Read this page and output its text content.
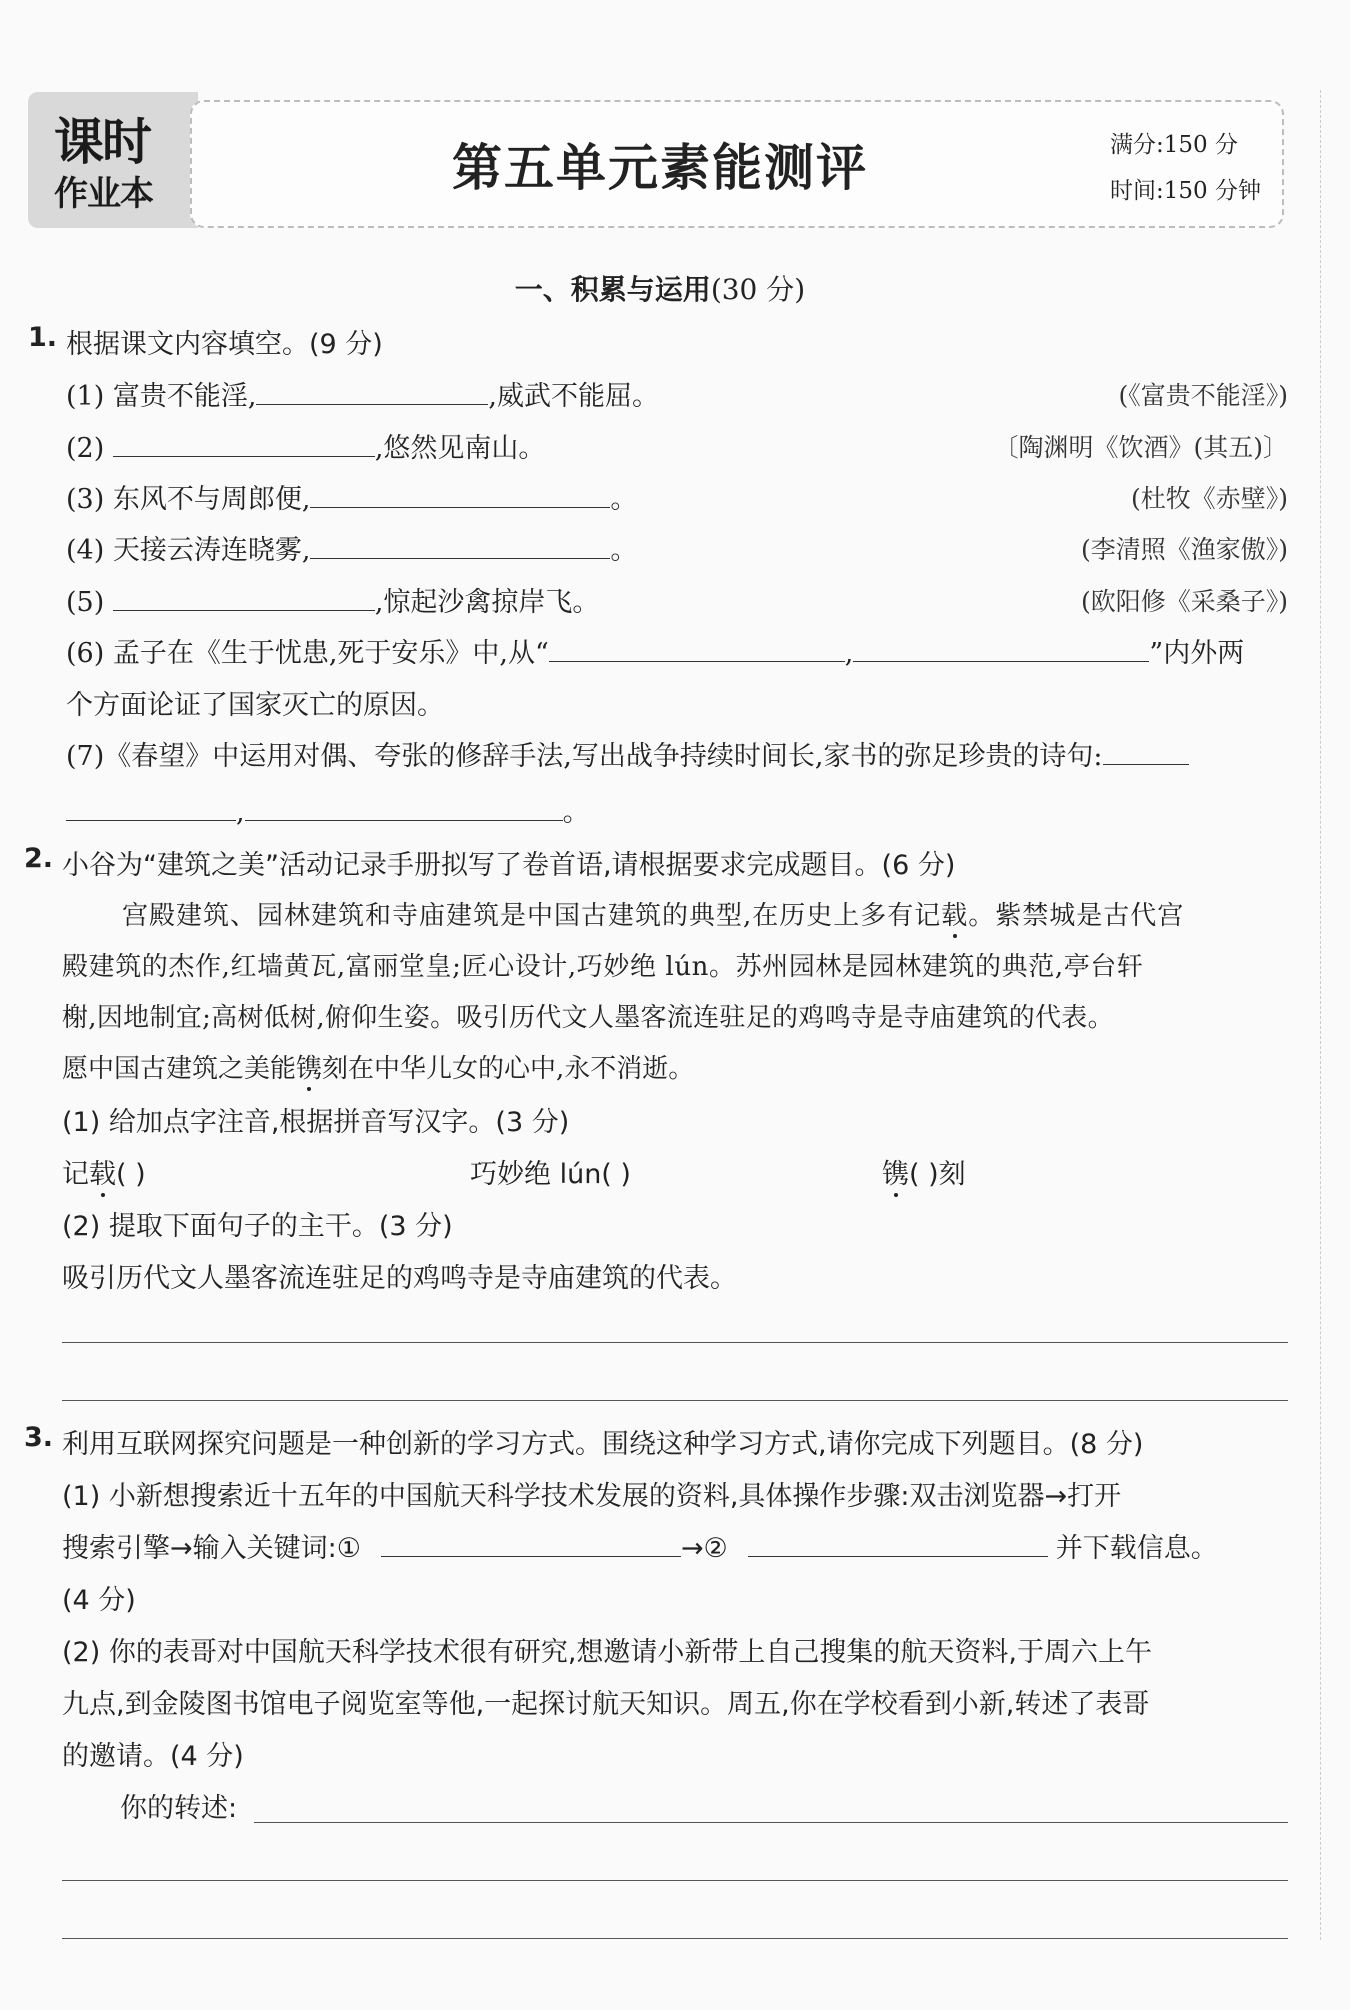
课时
作业本	第五单元素能测评	满分:150 分
时间:150 分钟
一、积累与运用(30 分)
1. 根据课文内容填空。(9 分)
(1) 富贵不能淫,	,威武不能屈。	(《富贵不能淫》)
(2)	,悠然见南山。	〔陶渊明《饮酒》(其五)〕
(3) 东风不与周郎便,	。	(杜牧《赤壁》)
(4) 天接云涛连晓雾,	。	(李清照《渔家傲》)
(5)	,惊起沙禽掠岸飞。	(欧阳修《采桑子》)
(6) 孟子在《生于忧患,死于安乐》中,从“	,	”内外两
个方面论证了国家灭亡的原因。
(7)《春望》中运用对偶、夸张的修辞手法,写出战争持续时间长,家书的弥足珍贵的诗句:
,	。
2. 小谷为“建筑之美”活动记录手册拟写了卷首语,请根据要求完成题目。(6 分)
宫殿建筑、园林建筑和寺庙建筑是中国古建筑的典型,在历史上多有记载。紫禁城是古代宫
殿建筑的杰作,红墙黄瓦,富丽堂皇;匠心设计,巧妙绝 lún。苏州园林是园林建筑的典范,亭台轩
榭,因地制宜;高树低树,俯仰生姿。吸引历代文人墨客流连驻足的鸡鸣寺是寺庙建筑的代表。
愿中国古建筑之美能镌刻在中华儿女的心中,永不消逝。
(1) 给加点字注音,根据拼音写汉字。(3 分)
记载( )	巧妙绝 lún( )	镌( )刻
(2) 提取下面句子的主干。(3 分)
吸引历代文人墨客流连驻足的鸡鸣寺是寺庙建筑的代表。
3. 利用互联网探究问题是一种创新的学习方式。围绕这种学习方式,请你完成下列题目。(8 分)
(1) 小新想搜索近十五年的中国航天科学技术发展的资料,具体操作步骤:双击浏览器→打开
搜索引擎→输入关键词:①	→②	并下载信息。
(4 分)
(2) 你的表哥对中国航天科学技术很有研究,想邀请小新带上自己搜集的航天资料,于周六上午
九点,到金陵图书馆电子阅览室等他,一起探讨航天知识。周五,你在学校看到小新,转述了表哥
的邀请。(4 分)
你的转述:
